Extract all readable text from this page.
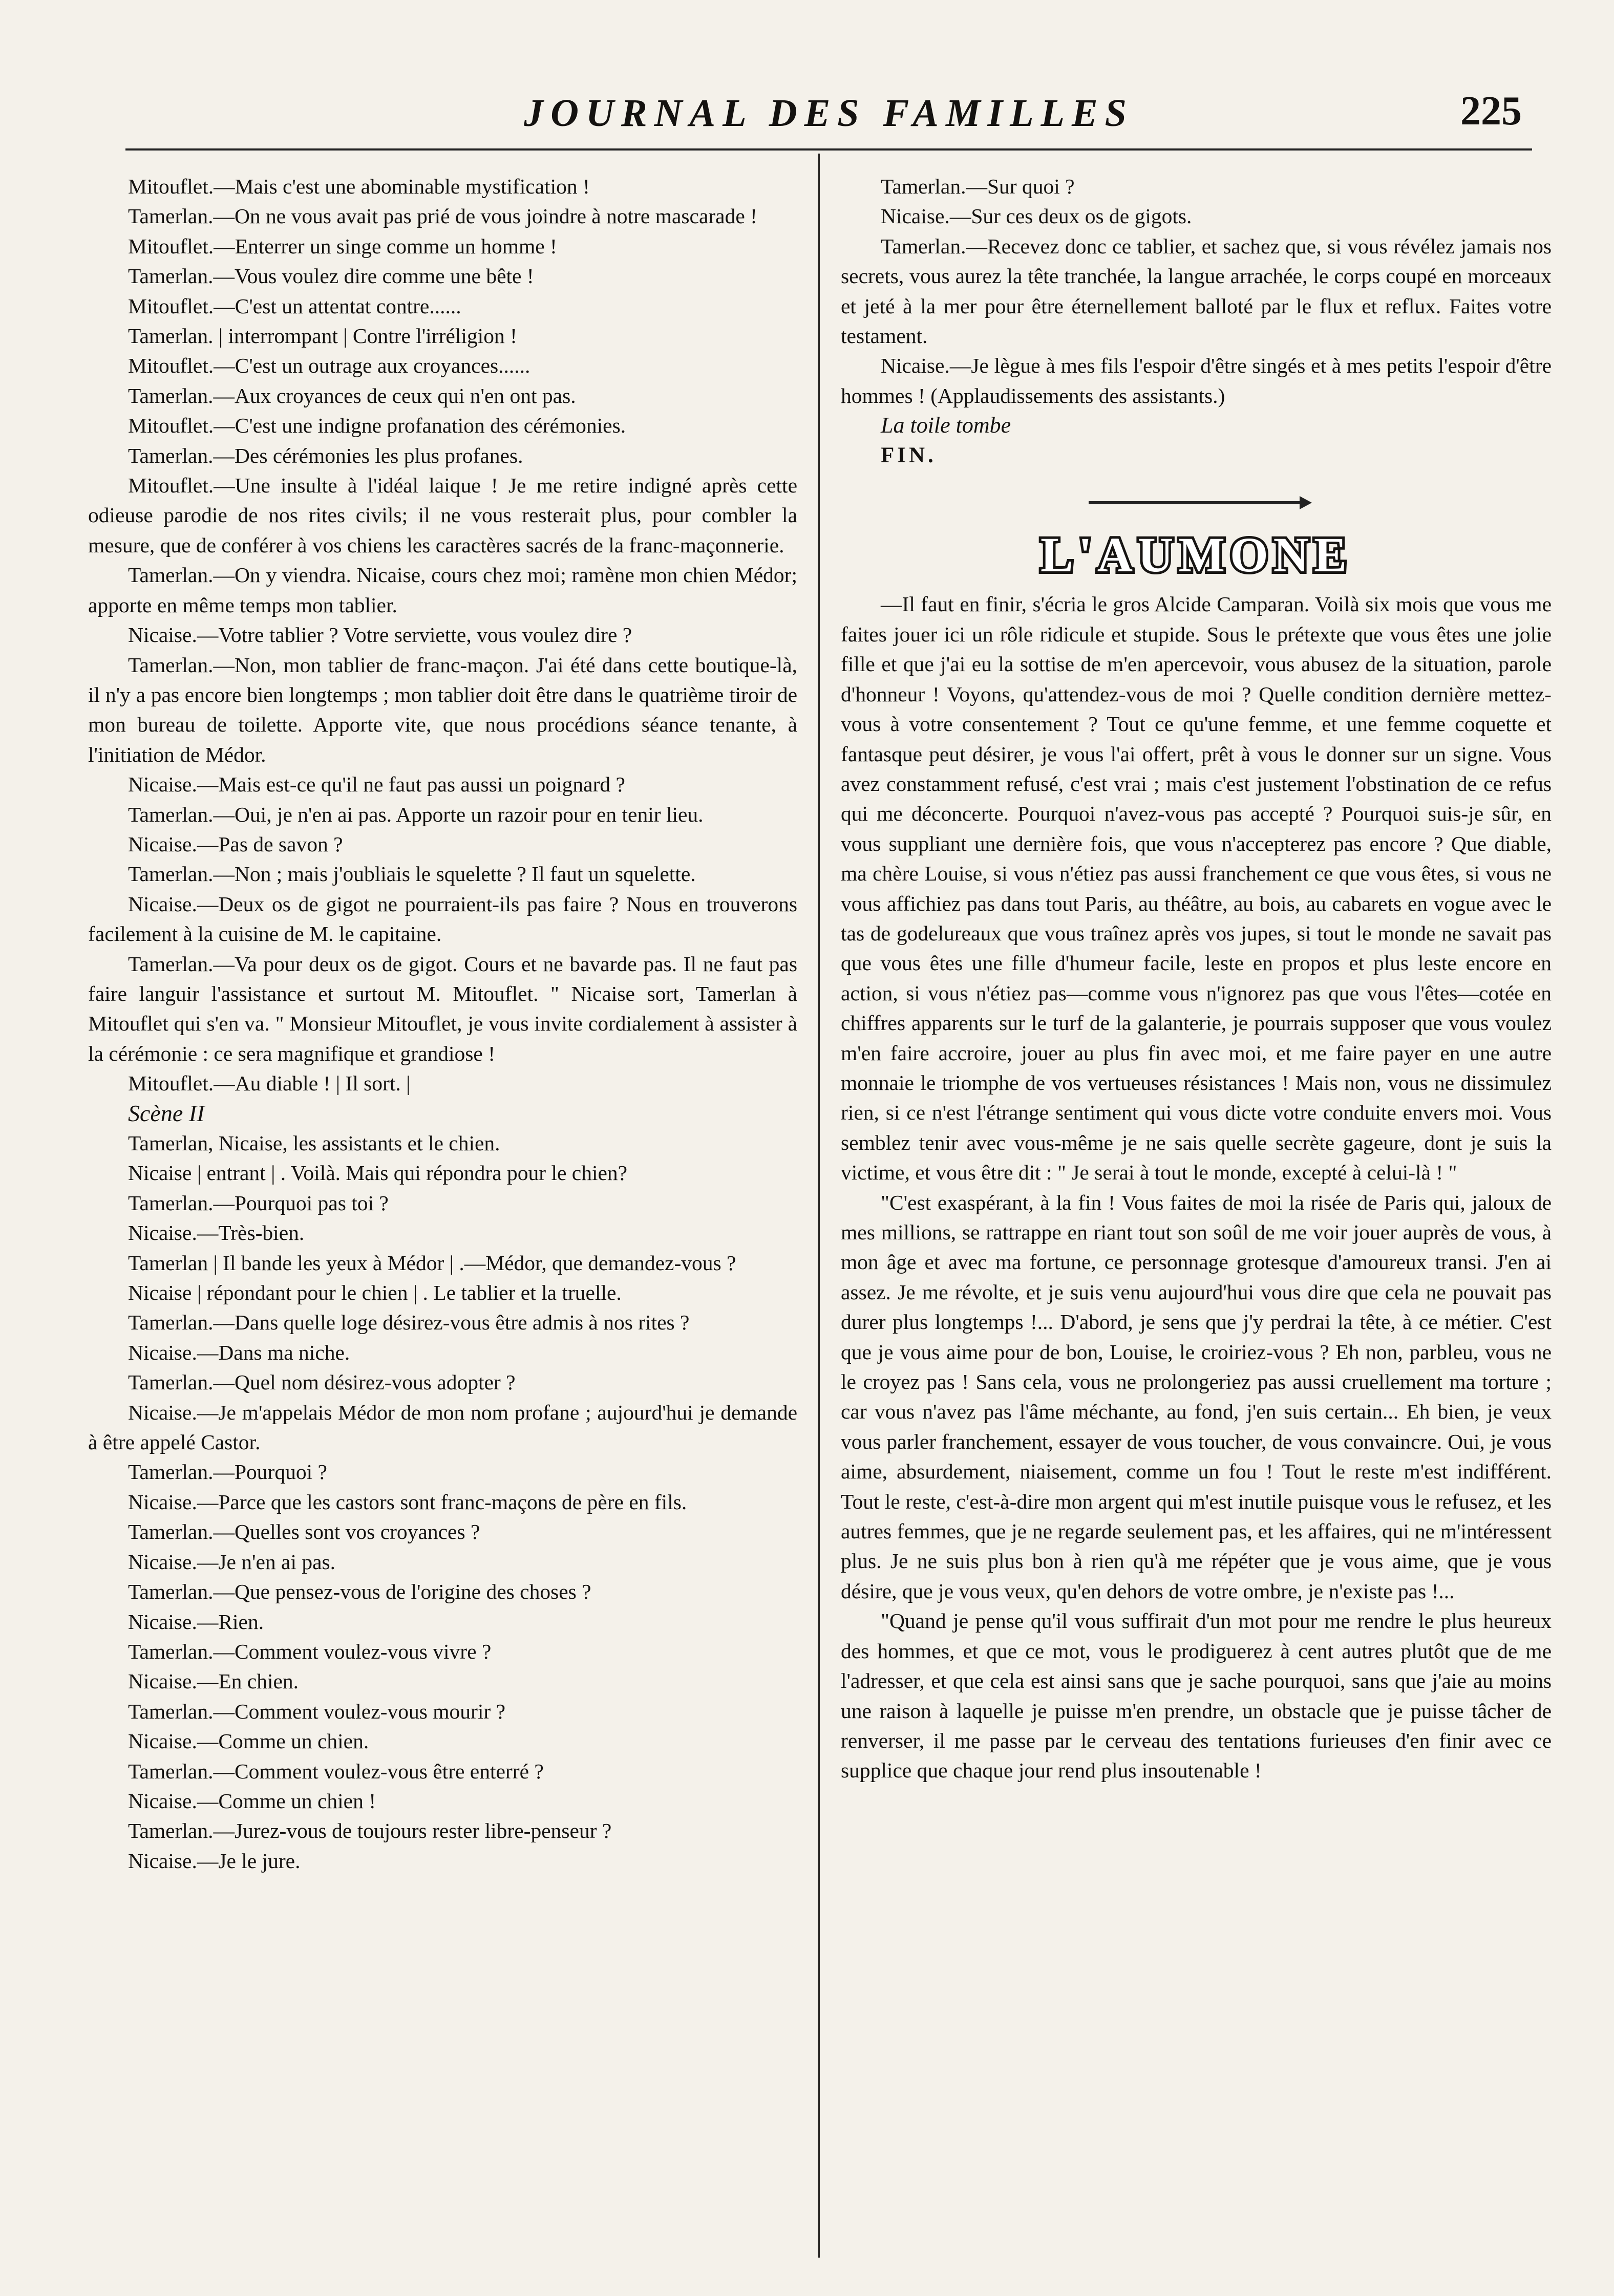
JOURNAL DES FAMILLES	225

Mitouflet.—Mais c'est une abominable mystification !

Tamerlan.—On ne vous avait pas prié de vous joindre à notre mascarade !

Mitouflet.—Enterrer un singe comme un homme !

Tamerlan.—Vous voulez dire comme une bête !

Mitouflet.—C'est un attentat contre......

Tamerlan. | interrompant | Contre l'irréligion !

Mitouflet.—C'est un outrage aux croyances......

Tamerlan.—Aux croyances de ceux qui n'en ont pas.

Mitouflet.—C'est une indigne profanation des cérémonies.

Tamerlan.—Des cérémonies les plus profanes.

Mitouflet.—Une insulte à l'idéal laique ! Je me retire indigné après cette odieuse parodie de nos rites civils; il ne vous resterait plus, pour combler la mesure, que de conférer à vos chiens les caractères sacrés de la franc-maçonnerie.

Tamerlan.—On y viendra. Nicaise, cours chez moi; ramène mon chien Médor; apporte en même temps mon tablier.

Nicaise.—Votre tablier ? Votre serviette, vous voulez dire ?

Tamerlan.—Non, mon tablier de franc-maçon. J'ai été dans cette boutique-là, il n'y a pas encore bien longtemps ; mon tablier doit être dans le quatrième tiroir de mon bureau de toilette. Apporte vite, que nous procédions séance tenante, à l'initiation de Médor.

Nicaise.—Mais est-ce qu'il ne faut pas aussi un poignard ?

Tamerlan.—Oui, je n'en ai pas. Apporte un razoir pour en tenir lieu.

Nicaise.—Pas de savon ?

Tamerlan.—Non ; mais j'oubliais le squelette ? Il faut un squelette.

Nicaise.—Deux os de gigot ne pourraient-ils pas faire ? Nous en trouverons facilement à la cuisine de M. le capitaine.

Tamerlan.—Va pour deux os de gigot. Cours et ne bavarde pas. Il ne faut pas faire languir l'assistance et surtout M. Mitouflet. " Nicaise sort, Tamerlan à Mitouflet qui s'en va. " Monsieur Mitouflet, je vous invite cordialement à assister à la cérémonie : ce sera magnifique et grandiose !

Mitouflet.—Au diable ! | Il sort. |

Scène II

Tamerlan, Nicaise, les assistants et le chien.

Nicaise | entrant | . Voilà. Mais qui répondra pour le chien?

Tamerlan.—Pourquoi pas toi ?

Nicaise.—Très-bien.

Tamerlan | Il bande les yeux à Médor | .—Médor, que demandez-vous ?

Nicaise | répondant pour le chien | . Le tablier et la truelle.

Tamerlan.—Dans quelle loge désirez-vous être admis à nos rites ?

Nicaise.—Dans ma niche.

Tamerlan.—Quel nom désirez-vous adopter ?

Nicaise.—Je m'appelais Médor de mon nom profane ; aujourd'hui je demande à être appelé Castor.

Tamerlan.—Pourquoi ?

Nicaise.—Parce que les castors sont franc-maçons de père en fils.

Tamerlan.—Quelles sont vos croyances ?

Nicaise.—Je n'en ai pas.

Tamerlan.—Que pensez-vous de l'origine des choses ?

Nicaise.—Rien.

Tamerlan.—Comment voulez-vous vivre ?

Nicaise.—En chien.

Tamerlan.—Comment voulez-vous mourir ?

Nicaise.—Comme un chien.

Tamerlan.—Comment voulez-vous être enterré ?

Nicaise.—Comme un chien !

Tamerlan.—Jurez-vous de toujours rester libre-penseur ?

Nicaise.—Je le jure.

Tamerlan.—Sur quoi ?

Nicaise.—Sur ces deux os de gigots.

Tamerlan.—Recevez donc ce tablier, et sachez que, si vous révélez jamais nos secrets, vous aurez la tête tranchée, la langue arrachée, le corps coupé en morceaux et jeté à la mer pour être éternellement balloté par le flux et reflux. Faites votre testament.

Nicaise.—Je lègue à mes fils l'espoir d'être singés et à mes petits l'espoir d'être hommes ! (Applaudissements des assistants.)

La toile tombe

FIN.

L'AUMONE

—Il faut en finir, s'écria le gros Alcide Camparan. Voilà six mois que vous me faites jouer ici un rôle ridicule et stupide. Sous le prétexte que vous êtes une jolie fille et que j'ai eu la sottise de m'en apercevoir, vous abusez de la situation, parole d'honneur ! Voyons, qu'attendez-vous de moi ? Quelle condition dernière mettez-vous à votre consentement ? Tout ce qu'une femme, et une femme coquette et fantasque peut désirer, je vous l'ai offert, prêt à vous le donner sur un signe. Vous avez constamment refusé, c'est vrai ; mais c'est justement l'obstination de ce refus qui me déconcerte. Pourquoi n'avez-vous pas accepté ? Pourquoi suis-je sûr, en vous suppliant une dernière fois, que vous n'accepterez pas encore ? Que diable, ma chère Louise, si vous n'étiez pas aussi franchement ce que vous êtes, si vous ne vous affichiez pas dans tout Paris, au théâtre, au bois, au cabarets en vogue avec le tas de godelureaux que vous traînez après vos jupes, si tout le monde ne savait pas que vous êtes une fille d'humeur facile, leste en propos et plus leste encore en action, si vous n'étiez pas—comme vous n'ignorez pas que vous l'êtes—cotée en chiffres apparents sur le turf de la galanterie, je pourrais supposer que vous voulez m'en faire accroire, jouer au plus fin avec moi, et me faire payer en une autre monnaie le triomphe de vos vertueuses résistances ! Mais non, vous ne dissimulez rien, si ce n'est l'étrange sentiment qui vous dicte votre conduite envers moi. Vous semblez tenir avec vous-même je ne sais quelle secrète gageure, dont je suis la victime, et vous être dit : " Je serai à tout le monde, excepté à celui-là ! "

"C'est exaspérant, à la fin ! Vous faites de moi la risée de Paris qui, jaloux de mes millions, se rattrappe en riant tout son soûl de me voir jouer auprès de vous, à mon âge et avec ma fortune, ce personnage grotesque d'amoureux transi. J'en ai assez. Je me révolte, et je suis venu aujourd'hui vous dire que cela ne pouvait pas durer plus longtemps !... D'abord, je sens que j'y perdrai la tête, à ce métier. C'est que je vous aime pour de bon, Louise, le croiriez-vous ? Eh non, parbleu, vous ne le croyez pas ! Sans cela, vous ne prolongeriez pas aussi cruellement ma torture ; car vous n'avez pas l'âme méchante, au fond, j'en suis certain... Eh bien, je veux vous parler franchement, essayer de vous toucher, de vous convaincre. Oui, je vous aime, absurdement, niaisement, comme un fou ! Tout le reste m'est indifférent. Tout le reste, c'est-à-dire mon argent qui m'est inutile puisque vous le refusez, et les autres femmes, que je ne regarde seulement pas, et les affaires, qui ne m'intéressent plus. Je ne suis plus bon à rien qu'à me répéter que je vous aime, que je vous désire, que je vous veux, qu'en dehors de votre ombre, je n'existe pas !...

"Quand je pense qu'il vous suffirait d'un mot pour me rendre le plus heureux des hommes, et que ce mot, vous le prodiguerez à cent autres plutôt que de me l'adresser, et que cela est ainsi sans que je sache pourquoi, sans que j'aie au moins une raison à laquelle je puisse m'en prendre, un obstacle que je puisse tâcher de renverser, il me passe par le cerveau des tentations furieuses d'en finir avec ce supplice que chaque jour rend plus insoutenable !
